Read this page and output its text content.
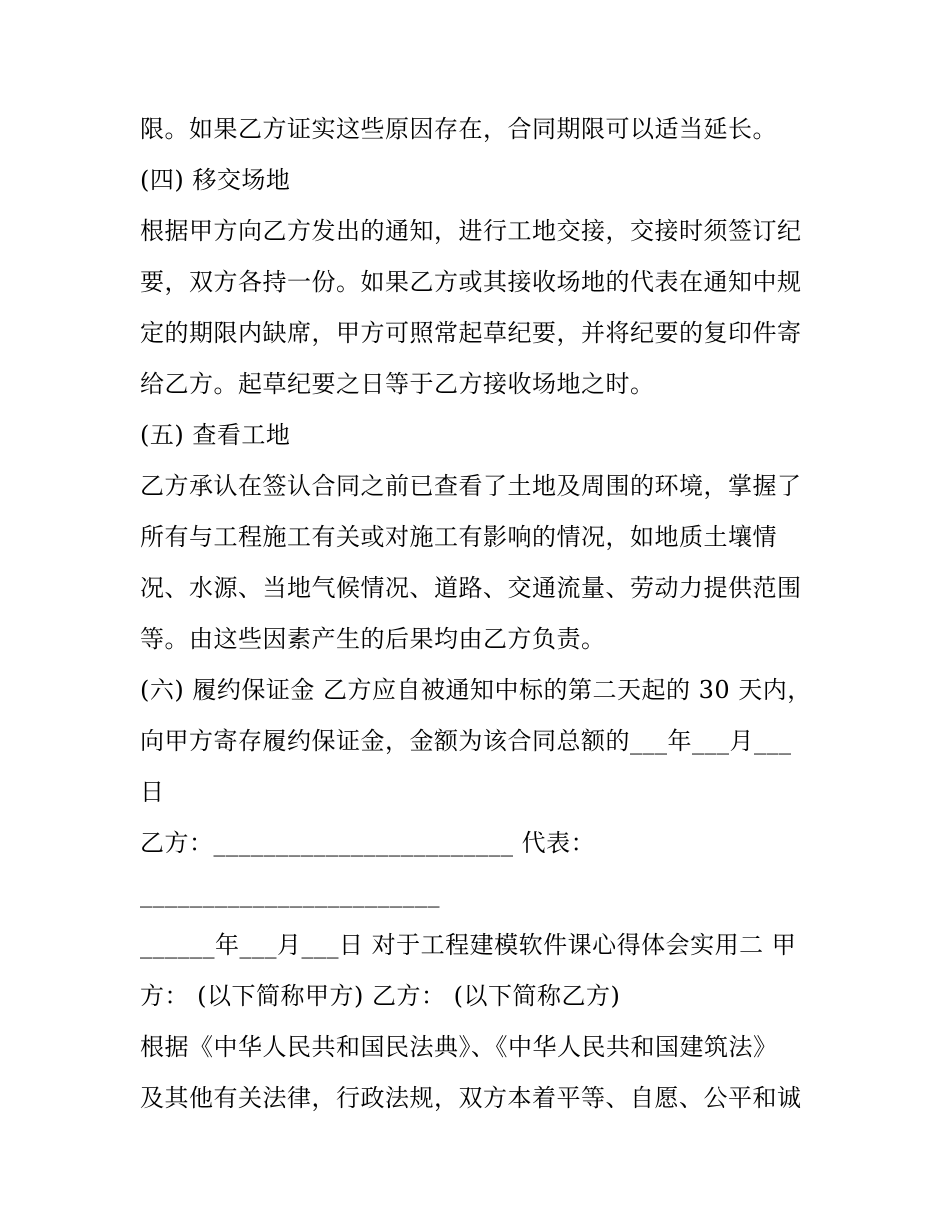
限。如果乙方证实这些原因存在，合同期限可以适当延长。
(四) 移交场地
根据甲方向乙方发出的通知，进行工地交接，交接时须签订纪
要，双方各持一份。如果乙方或其接收场地的代表在通知中规
定的期限内缺席，甲方可照常起草纪要，并将纪要的复印件寄
给乙方。起草纪要之日等于乙方接收场地之时。
(五) 查看工地
乙方承认在签认合同之前已查看了土地及周围的环境，掌握了
所有与工程施工有关或对施工有影响的情况，如地质土壤情
况、水源、当地气候情况、道路、交通流量、劳动力提供范围
等。由这些因素产生的后果均由乙方负责。
(六) 履约保证金 乙方应自被通知中标的第二天起的 30 天内，
向甲方寄存履约保证金，金额为该合同总额的___年___月___
日
乙方：________________________ 代表：
________________________
______年___月___日 对于工程建模软件课心得体会实用二 甲
方： (以下简称甲方) 乙方： (以下简称乙方)
根据《中华人民共和国民法典》、《中华人民共和国建筑法》
及其他有关法律，行政法规，双方本着平等、自愿、公平和诚
